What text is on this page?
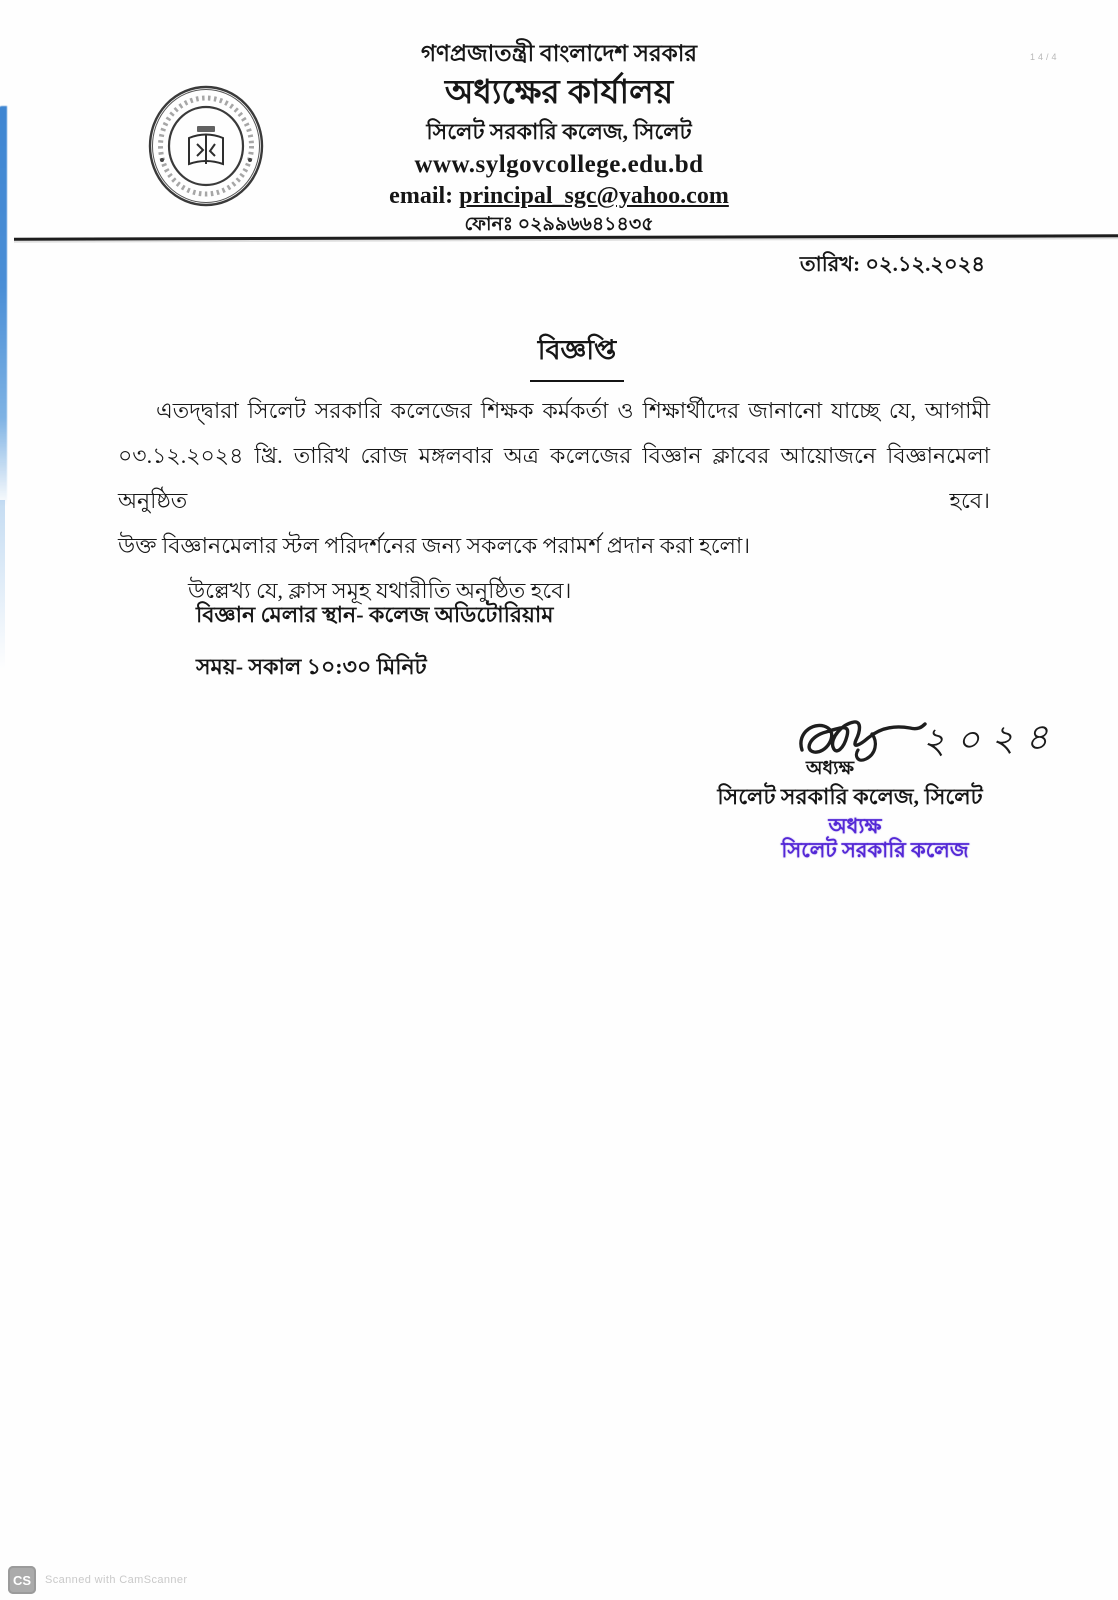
14/4
গণপ্রজাতন্ত্রী বাংলাদেশ সরকার
অধ্যক্ষের কার্যালয়
সিলেট সরকারি কলেজ, সিলেট
www.sylgovcollege.edu.bd
email: principal_sgc@yahoo.com
ফোনঃ ০২৯৯৬৬৪১৪৩৫
তারিখ: ০২.১২.২০২৪
বিজ্ঞপ্তি
এতদ্দ্বারা সিলেট সরকারি কলেজের শিক্ষক কর্মকর্তা ও শিক্ষার্থীদের জানানো যাচ্ছে যে, আগামী
০৩.১২.২০২৪ খ্রি. তারিখ রোজ মঙ্গলবার অত্র কলেজের বিজ্ঞান ক্লাবের আয়োজনে বিজ্ঞানমেলা অনুষ্ঠিত হবে।
উক্ত বিজ্ঞানমেলার স্টল পরিদর্শনের জন্য সকলকে পরামর্শ প্রদান করা হলো।
উল্লেখ্য যে, ক্লাস সমূহ যথারীতি অনুষ্ঠিত হবে।
বিজ্ঞান মেলার স্থান- কলেজ অডিটোরিয়াম
সময়- সকাল ১০:৩০ মিনিট
২০২৪
অধ্যক্ষ
সিলেট সরকারি কলেজ, সিলেট
অধ্যক্ষ
সিলেট সরকারি কলেজ
CS	Scanned with CamScanner
